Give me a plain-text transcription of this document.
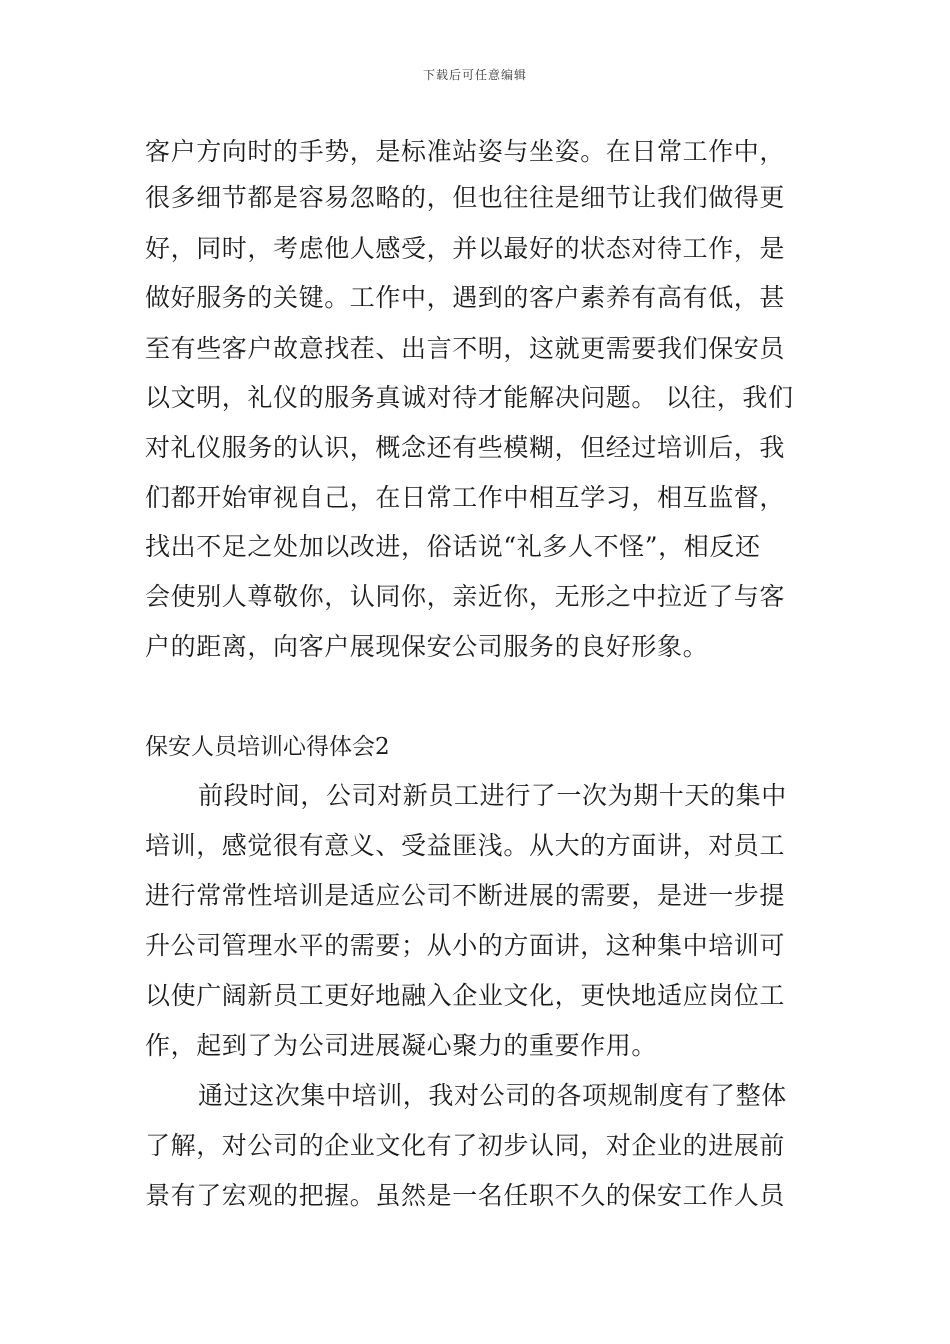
下载后可任意编辑
客户方向时的手势，是标准站姿与坐姿。在日常工作中，
很多细节都是容易忽略的，但也往往是细节让我们做得更
好，同时，考虑他人感受，并以最好的状态对待工作，是
做好服务的关键。工作中，遇到的客户素养有高有低，甚
至有些客户故意找茬、出言不明，这就更需要我们保安员
以文明，礼仪的服务真诚对待才能解决问题。 以往，我们
对礼仪服务的认识，概念还有些模糊，但经过培训后，我
们都开始审视自己，在日常工作中相互学习，相互监督，
找出不足之处加以改进，俗话说“礼多人不怪”，相反还
会使别人尊敬你，认同你，亲近你，无形之中拉近了与客
户的距离，向客户展现保安公司服务的良好形象。
保安人员培训心得体会2
前段时间，公司对新员工进行了一次为期十天的集中
培训，感觉很有意义、受益匪浅。从大的方面讲，对员工
进行常常性培训是适应公司不断进展的需要，是进一步提
升公司管理水平的需要；从小的方面讲，这种集中培训可
以使广阔新员工更好地融入企业文化，更快地适应岗位工
作，起到了为公司进展凝心聚力的重要作用。
通过这次集中培训，我对公司的各项规制度有了整体
了解，对公司的企业文化有了初步认同，对企业的进展前
景有了宏观的把握。虽然是一名任职不久的保安工作人员
